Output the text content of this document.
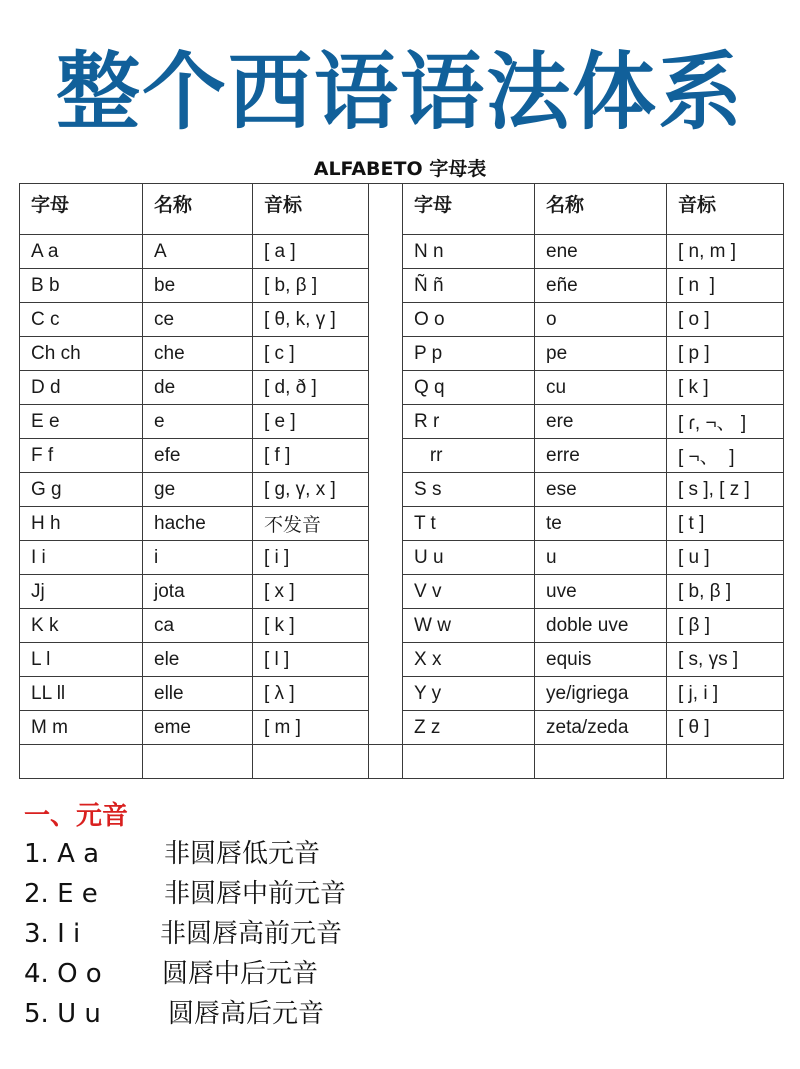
整个西语语法体系
ALFABETO 字母表
字母	名称	音标		字母	名称	音标
A a	A	[ a ]		N n	ene	[ n, m ]
B b	be	[ b, β ]		Ñ ñ	eñe	[ n  ]
C c	ce	[ θ, k, γ ]		O o	o	[ o ]
Ch ch	che	[ c ]		P p	pe	[ p ]
D d	de	[ d, ð ]		Q q	cu	[ k ]
E e	e	[ e ]		R r	ere	[ ɾ, ¬、 ]
F f	efe	[ f ]		rr	erre	[ ¬、  ]
G g	ge	[ g, γ, x ]		S s	ese	[ s ], [ z ]
H h	hache	不发音		T t	te	[ t ]
I i	i	[ i ]		U u	u	[ u ]
Jj	jota	[ x ]		V v	uve	[ b, β ]
K k	ca	[ k ]		W w	doble uve	[ β ]
L l	ele	[ l ]		X x	equis	[ s, γs ]
LL ll	elle	[ λ ]		Y y	ye/igriega	[ j, i ]
M m	eme	[ m ]		Z z	zeta/zeda	[ θ ]

一、元音
1. A a 非圆唇低元音
2. E e	非圆唇中前元音
3. I i	非圆唇高前元音
4. O o 圆唇中后元音
5. U u	圆唇高后元音
